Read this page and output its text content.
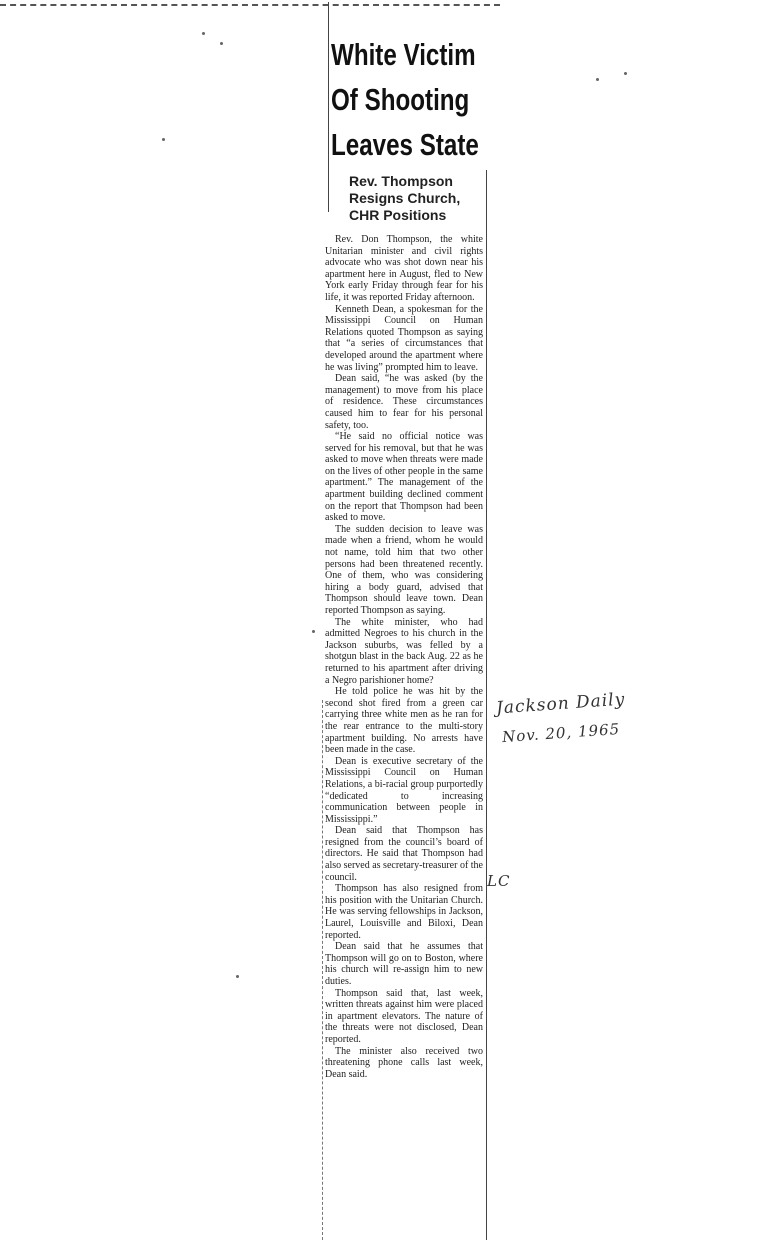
White Victim
Of Shooting
Leaves State
Rev. Thompson
Resigns Church,
CHR Positions

Rev. Don Thompson, the white Unitarian minister and civil rights advocate who was shot down near his apartment here in August, fled to New York early Friday through fear for his life, it was reported Friday afternoon.

Kenneth Dean, a spokesman for the Mississippi Council on Human Relations quoted Thompson as saying that “a series of circumstances that developed around the apartment where he was living” prompted him to leave.

Dean said, “he was asked (by the management) to move from his place of residence. These circumstances caused him to fear for his personal safety, too.

“He said no official notice was served for his removal, but that he was asked to move when threats were made on the lives of other people in the same apartment.” The management of the apartment building declined comment on the report that Thompson had been asked to move.

The sudden decision to leave was made when a friend, whom he would not name, told him that two other persons had been threatened recently. One of them, who was considering hiring a body guard, advised that Thompson should leave town. Dean reported Thompson as saying.

The white minister, who had admitted Negroes to his church in the Jackson suburbs, was felled by a shotgun blast in the back Aug. 22 as he returned to his apartment after driving a Negro parishioner home?

He told police he was hit by the second shot fired from a green car carrying three white men as he ran for the rear entrance to the multi-story apartment building. No arrests have been made in the case.

Dean is executive secretary of the Mississippi Council on Human Relations, a bi-racial group purportedly “dedicated to increasing communication between people in Mississippi.”

Dean said that Thompson has resigned from the council’s board of directors. He said that Thompson had also served as secretary-treasurer of the council.

Thompson has also resigned from his position with the Unitarian Church. He was serving fellowships in Jackson, Laurel, Louisville and Biloxi, Dean reported.

Dean said that he assumes that Thompson will go on to Boston, where his church will re-assign him to new duties.

Thompson said that, last week, written threats against him were placed in apartment elevators. The nature of the threats were not disclosed, Dean reported.

The minister also received two threatening phone calls last week, Dean said.

Jackson Daily
Nov. 20, 1965
LC
